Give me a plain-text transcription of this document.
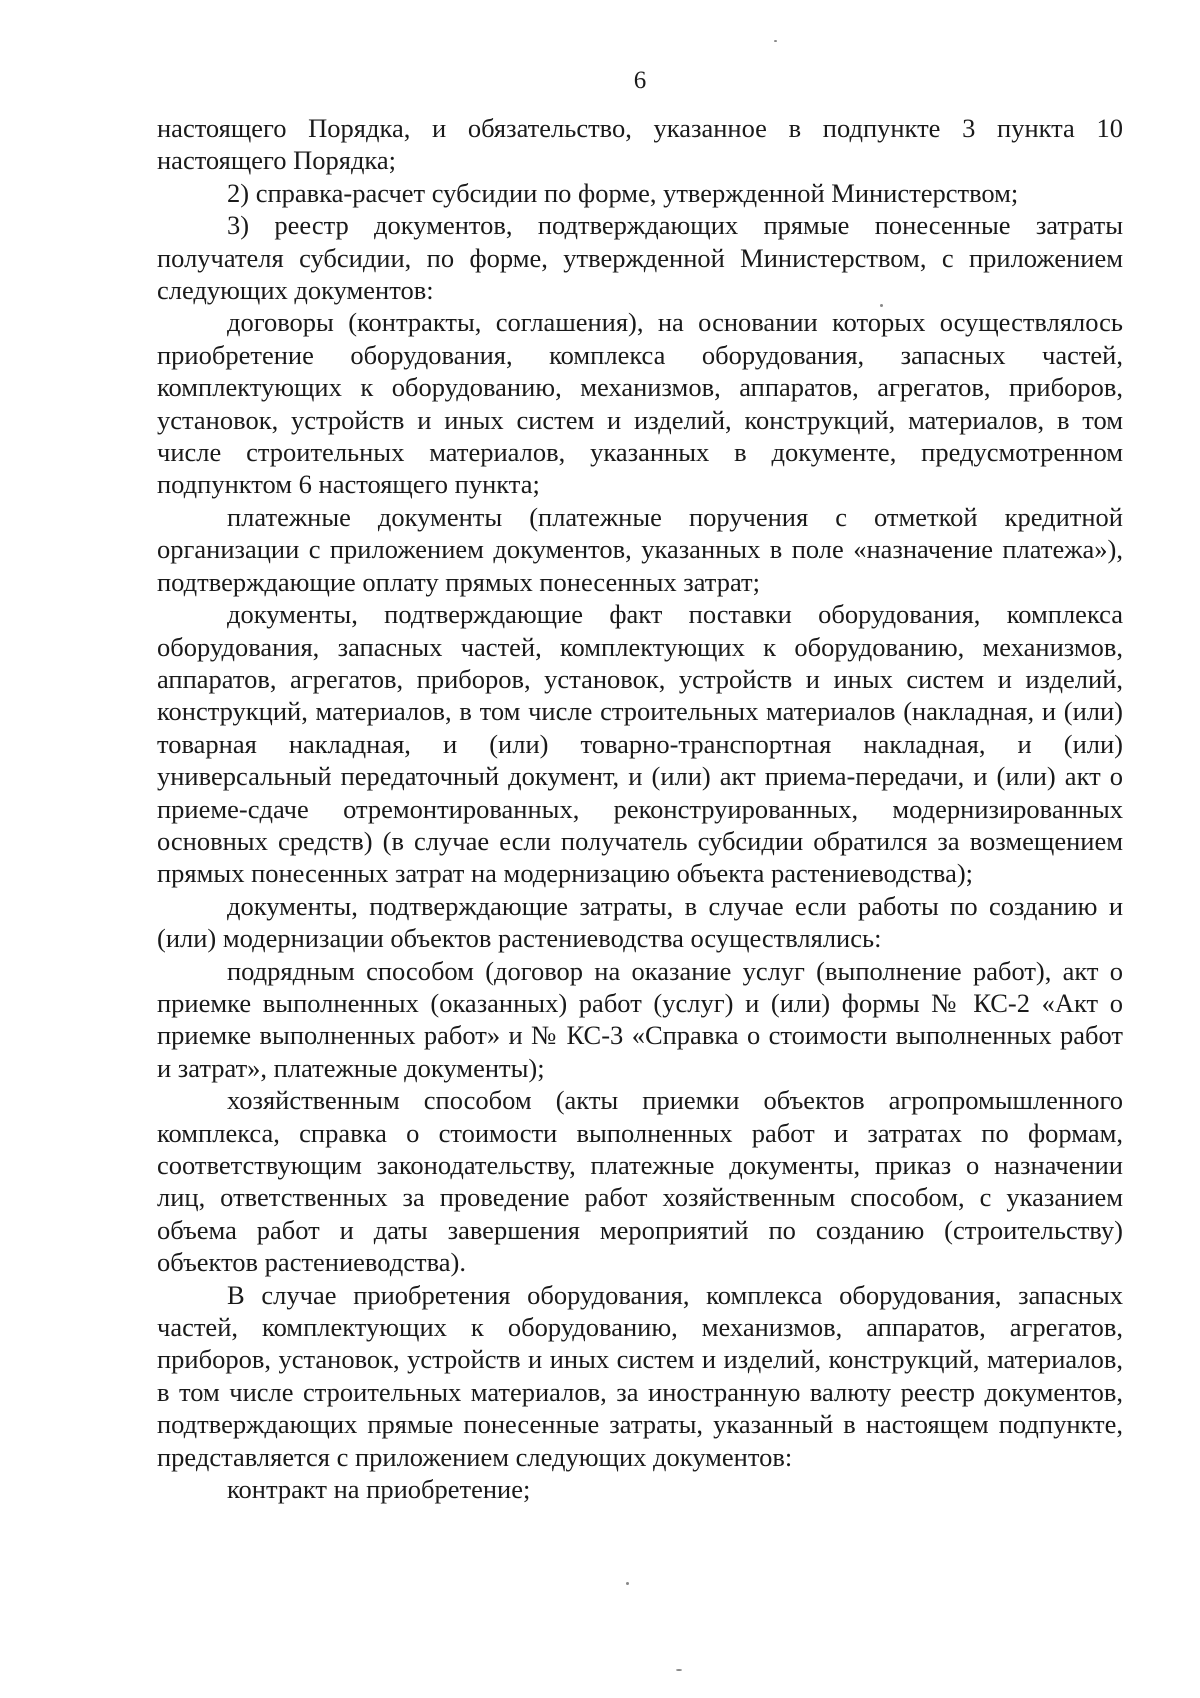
6

настоящего Порядка, и обязательство, указанное в подпункте 3 пункта 10 настоящего Порядка;

2) справка-расчет субсидии по форме, утвержденной Министерством;

3) реестр документов, подтверждающих прямые понесенные затраты получателя субсидии, по форме, утвержденной Министерством, с приложением следующих документов:

договоры (контракты, соглашения), на основании которых осуществлялось приобретение оборудования, комплекса оборудования, запасных частей, комплектующих к оборудованию, механизмов, аппаратов, агрегатов, приборов, установок, устройств и иных систем и изделий, конструкций, материалов, в том числе строительных материалов, указанных в документе, предусмотренном подпунктом 6 настоящего пункта;

платежные документы (платежные поручения с отметкой кредитной организации с приложением документов, указанных в поле «назначение платежа»), подтверждающие оплату прямых понесенных затрат;

документы, подтверждающие факт поставки оборудования, комплекса оборудования, запасных частей, комплектующих к оборудованию, механизмов, аппаратов, агрегатов, приборов, установок, устройств и иных систем и изделий, конструкций, материалов, в том числе строительных материалов (накладная, и (или) товарная накладная, и (или) товарно-транспортная накладная, и (или) универсальный передаточный документ, и (или) акт приема-передачи, и (или) акт о приеме-сдаче отремонтированных, реконструированных, модернизированных основных средств) (в случае если получатель субсидии обратился за возмещением прямых понесенных затрат на модернизацию объекта растениеводства);

документы, подтверждающие затраты, в случае если работы по созданию и (или) модернизации объектов растениеводства осуществлялись:

подрядным способом (договор на оказание услуг (выполнение работ), акт о приемке выполненных (оказанных) работ (услуг) и (или) формы № КС-2 «Акт о приемке выполненных работ» и № КС-3 «Справка о стоимости выполненных работ и затрат», платежные документы);

хозяйственным способом (акты приемки объектов агропромышленного комплекса, справка о стоимости выполненных работ и затратах по формам, соответствующим законодательству, платежные документы, приказ о назначении лиц, ответственных за проведение работ хозяйственным способом, с указанием объема работ и даты завершения мероприятий по созданию (строительству) объектов растениеводства).

В случае приобретения оборудования, комплекса оборудования, запасных частей, комплектующих к оборудованию, механизмов, аппаратов, агрегатов, приборов, установок, устройств и иных систем и изделий, конструкций, материалов, в том числе строительных материалов, за иностранную валюту реестр документов, подтверждающих прямые понесенные затраты, указанный в настоящем подпункте, представляется с приложением следующих документов:

контракт на приобретение;
